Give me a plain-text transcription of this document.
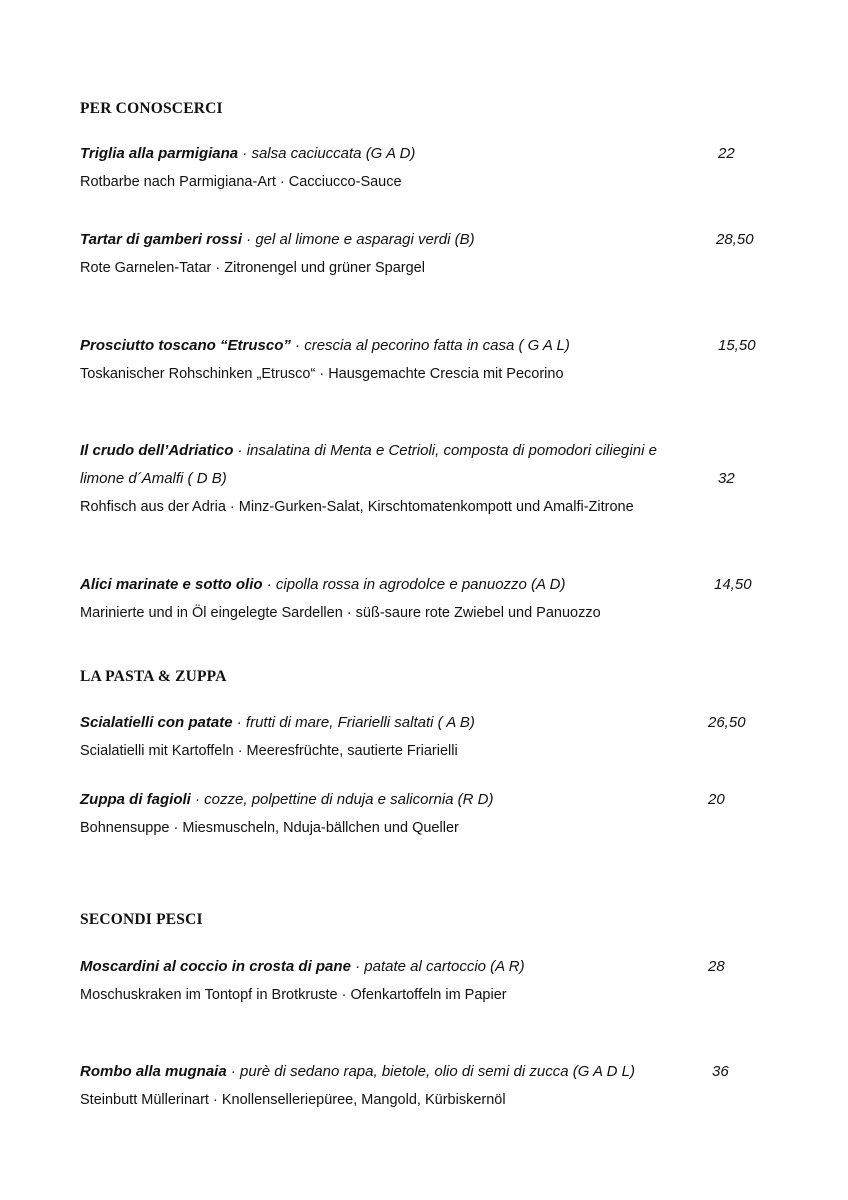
PER CONOSCERCI
Triglia alla parmigiana · salsa caciuccata (G A D)	22
Rotbarbe nach Parmigiana-Art · Cacciucco-Sauce
Tartar di gamberi rossi · gel al limone e asparagi verdi (B)	28,50
Rote Garnelen-Tatar · Zitronengel und grüner Spargel
Prosciutto toscano “Etrusco” · crescia al pecorino fatta in casa ( G A L)	15,50
Toskanischer Rohschinken „Etrusco“ · Hausgemachte Crescia mit Pecorino
Il crudo dell’Adriatico · insalatina di Menta e Cetrioli, composta di pomodori ciliegini e
limone d´Amalfi ( D B)	32
Rohfisch aus der Adria · Minz-Gurken-Salat, Kirschtomatenkompott und Amalfi-Zitrone
Alici marinate e sotto olio · cipolla rossa in agrodolce e panuozzo (A D)	14,50
Marinierte und in Öl eingelegte Sardellen · süß-saure rote Zwiebel und Panuozzo
LA PASTA & ZUPPA
Scialatielli con patate · frutti di mare, Friarielli saltati ( A B)	26,50
Scialatielli mit Kartoffeln · Meeresfrüchte, sautierte Friarielli
Zuppa di fagioli · cozze, polpettine di nduja e salicornia (R D)	20
Bohnensuppe · Miesmuscheln, Nduja-bällchen und Queller
SECONDI PESCI
Moscardini al coccio in crosta di pane · patate al cartoccio (A R)	28
Moschuskraken im Tontopf in Brotkruste · Ofenkartoffeln im Papier
Rombo alla mugnaia · purè di sedano rapa, bietole, olio di semi di zucca (G A D L)	36
Steinbutt Müllerinart · Knollenselleriepüree, Mangold, Kürbiskernöl
